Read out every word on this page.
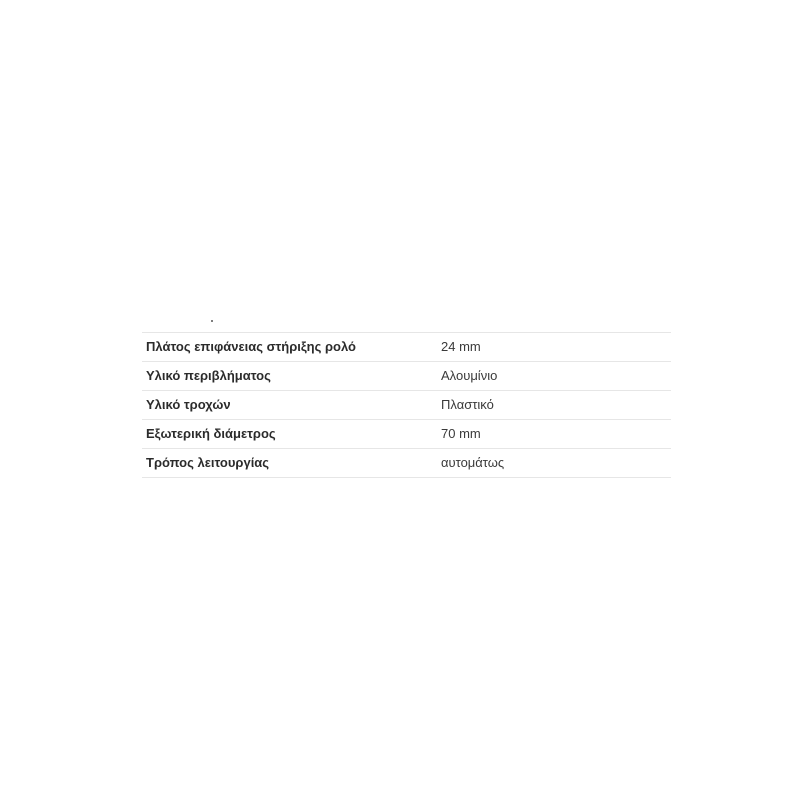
Πλάτος επιφάνειας στήριξης ρολό	24 mm
Υλικό περιβλήματος	Αλουμίνιο
Υλικό τροχών	Πλαστικό
Εξωτερική διάμετρος	70 mm
Τρόπος λειτουργίας	αυτομάτως
